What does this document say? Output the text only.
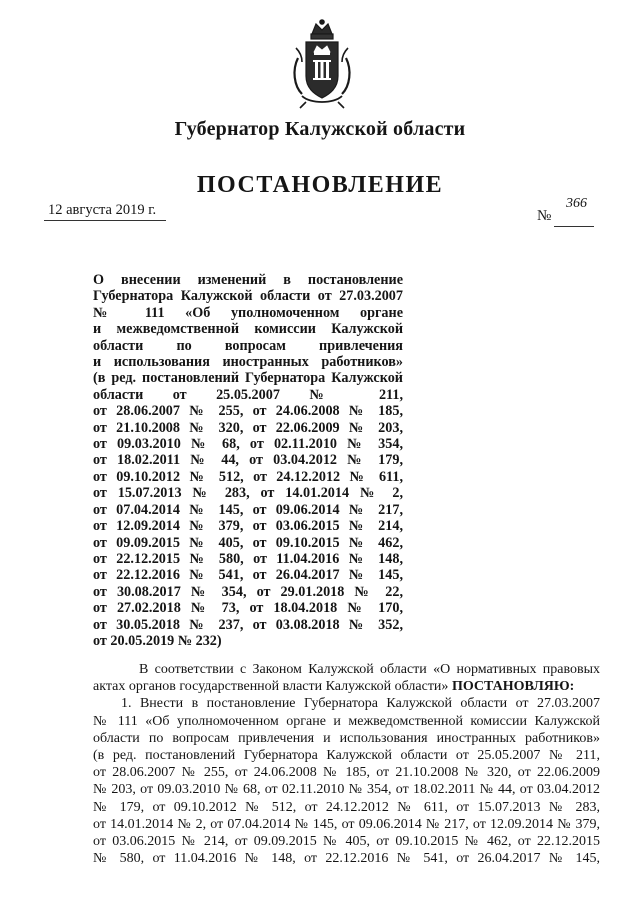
Губернатор Калужской области
ПОСТАНОВЛЕНИЕ
12 августа 2019 г.	№
366
О внесении изменений в постановление
Губернатора Калужской области от 27.03.2007
№ 111 «Об уполномоченном органе
и межведомственной комиссии Калужской
области по вопросам привлечения
и использования иностранных работников»
(в ред. постановлений Губернатора Калужской
области от 25.05.2007 № 211,
от 28.06.2007 № 255, от 24.06.2008 № 185,
от 21.10.2008 № 320, от 22.06.2009 № 203,
от 09.03.2010 № 68, от 02.11.2010 № 354,
от 18.02.2011 № 44, от 03.04.2012 № 179,
от 09.10.2012 № 512, от 24.12.2012 № 611,
от 15.07.2013 № 283, от 14.01.2014 № 2,
от 07.04.2014 № 145, от 09.06.2014 № 217,
от 12.09.2014 № 379, от 03.06.2015 № 214,
от 09.09.2015 № 405, от 09.10.2015 № 462,
от 22.12.2015 № 580, от 11.04.2016 № 148,
от 22.12.2016 № 541, от 26.04.2017 № 145,
от 30.08.2017 № 354, от 29.01.2018 № 22,
от 27.02.2018 № 73, от 18.04.2018 № 170,
от 30.05.2018 № 237, от 03.08.2018 № 352,
от 20.05.2019 № 232)
В соответствии с Законом Калужской области «О нормативных правовых
актах органов государственной власти Калужской области» ПОСТАНОВЛЯЮ:
1. Внести в постановление Губернатора Калужской области от 27.03.2007
№ 111 «Об уполномоченном органе и межведомственной комиссии Калужской
области по вопросам привлечения и использования иностранных работников»
(в ред. постановлений Губернатора Калужской области от 25.05.2007 № 211,
от 28.06.2007 № 255, от 24.06.2008 № 185, от 21.10.2008 № 320, от 22.06.2009
№ 203, от 09.03.2010 № 68, от 02.11.2010 № 354, от 18.02.2011 № 44, от 03.04.2012
№ 179, от 09.10.2012 № 512, от 24.12.2012 № 611, от 15.07.2013 № 283,
от 14.01.2014 № 2, от 07.04.2014 № 145, от 09.06.2014 № 217, от 12.09.2014 № 379,
от 03.06.2015 № 214, от 09.09.2015 № 405, от 09.10.2015 № 462, от 22.12.2015
№ 580, от 11.04.2016 № 148, от 22.12.2016 № 541, от 26.04.2017 № 145,
